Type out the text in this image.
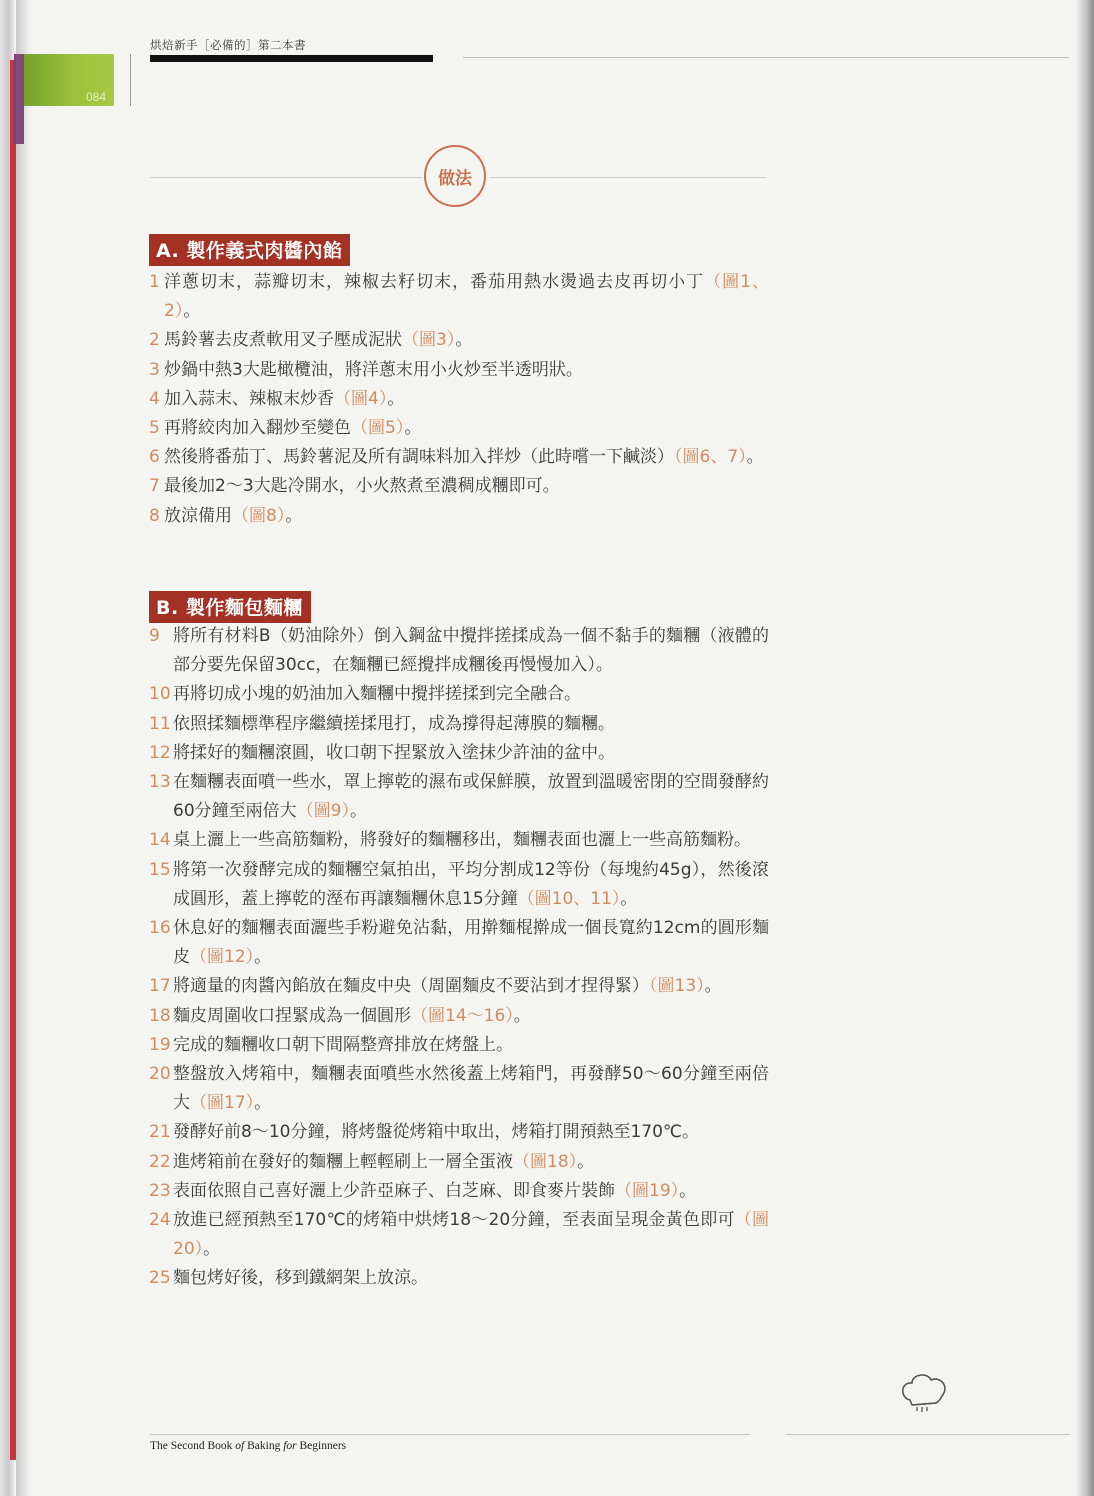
084
烘焙新手［必備的］第二本書
做法
A. 製作義式肉醬內餡
1 洋蔥切末，蒜瓣切末，辣椒去籽切末，番茄用熱水燙過去皮再切小丁（圖1、2）。
2 馬鈴薯去皮煮軟用叉子壓成泥狀（圖3）。
3 炒鍋中熱3大匙橄欖油，將洋蔥末用小火炒至半透明狀。
4 加入蒜末、辣椒末炒香（圖4）。
5 再將絞肉加入翻炒至變色（圖5）。
6 然後將番茄丁、馬鈴薯泥及所有調味料加入拌炒（此時嚐一下鹹淡）（圖6、7）。
7 最後加2～3大匙冷開水，小火熬煮至濃稠成糰即可。
8 放涼備用（圖8）。
B. 製作麵包麵糰
9 將所有材料B（奶油除外）倒入鋼盆中攪拌搓揉成為一個不黏手的麵糰（液體的部分要先保留30cc，在麵糰已經攪拌成糰後再慢慢加入）。
10 再將切成小塊的奶油加入麵糰中攪拌搓揉到完全融合。
11 依照揉麵標準程序繼續搓揉甩打，成為撐得起薄膜的麵糰。
12 將揉好的麵糰滾圓，收口朝下捏緊放入塗抹少許油的盆中。
13 在麵糰表面噴一些水，罩上擰乾的濕布或保鮮膜，放置到溫暖密閉的空間發酵約60分鐘至兩倍大（圖9）。
14 桌上灑上一些高筋麵粉，將發好的麵糰移出，麵糰表面也灑上一些高筋麵粉。
15 將第一次發酵完成的麵糰空氣拍出，平均分割成12等份（每塊約45g），然後滾成圓形，蓋上擰乾的溼布再讓麵糰休息15分鐘（圖10、11）。
16 休息好的麵糰表面灑些手粉避免沾黏，用擀麵棍擀成一個長寬約12cm的圓形麵皮（圖12）。
17 將適量的肉醬內餡放在麵皮中央（周圍麵皮不要沾到才捏得緊）（圖13）。
18 麵皮周圍收口捏緊成為一個圓形（圖14～16）。
19 完成的麵糰收口朝下間隔整齊排放在烤盤上。
20 整盤放入烤箱中，麵糰表面噴些水然後蓋上烤箱門，再發酵50～60分鐘至兩倍大（圖17）。
21 發酵好前8～10分鐘，將烤盤從烤箱中取出，烤箱打開預熱至170℃。
22 進烤箱前在發好的麵糰上輕輕刷上一層全蛋液（圖18）。
23 表面依照自己喜好灑上少許亞麻子、白芝麻、即食麥片裝飾（圖19）。
24 放進已經預熱至170℃的烤箱中烘烤18～20分鐘，至表面呈現金黃色即可（圖20）。
25 麵包烤好後，移到鐵網架上放涼。
The Second Book of Baking for Beginners
